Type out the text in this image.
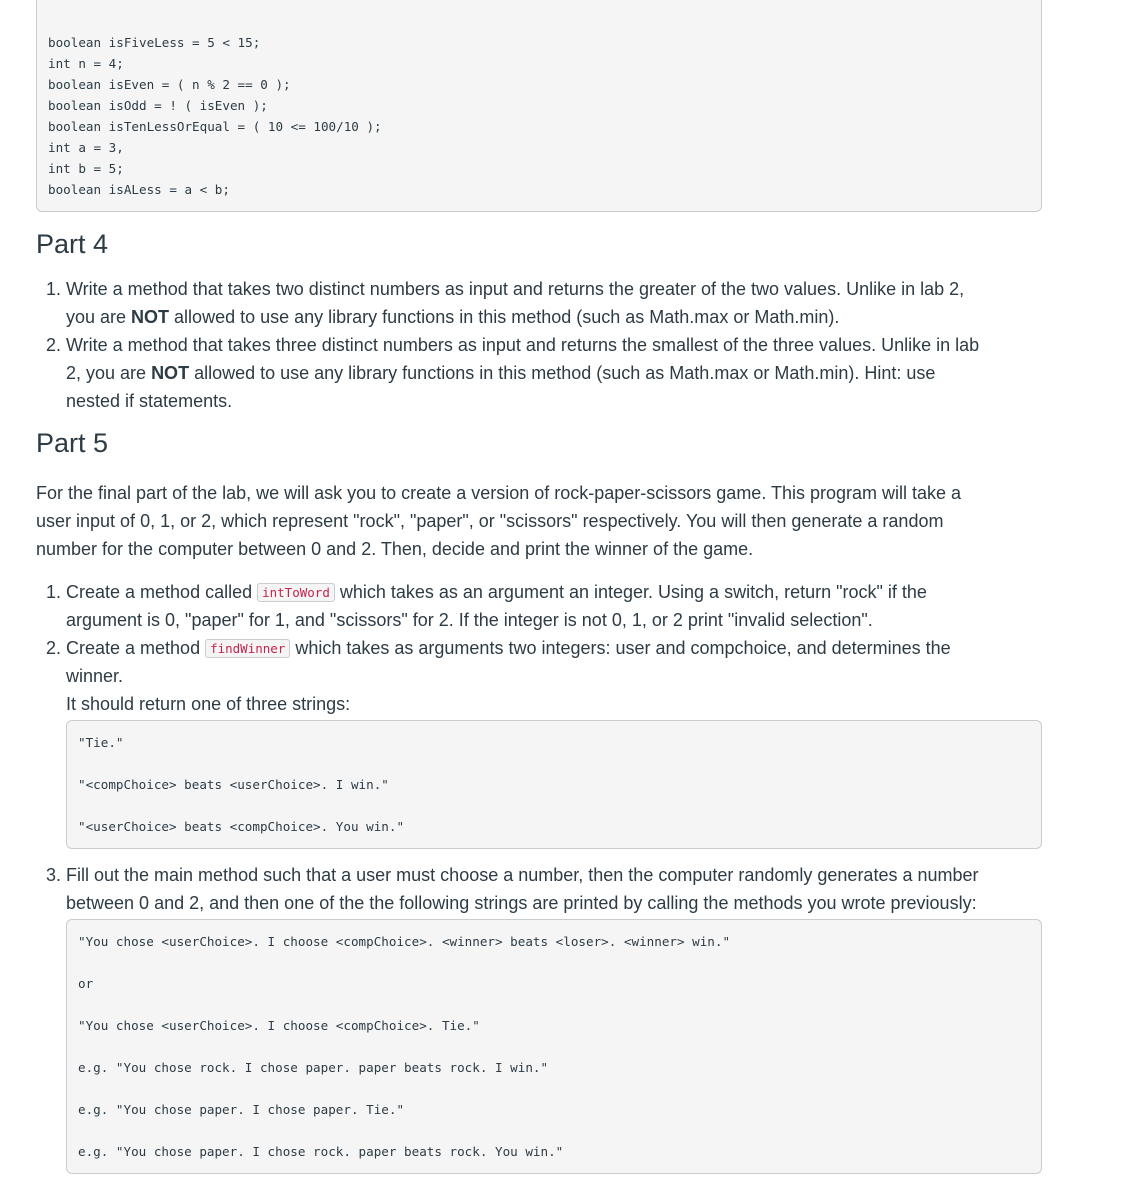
boolean isFiveLess = 5 < 15;

int n = 4;

boolean isEven = ( n % 2 == 0 );

boolean isOdd = ! ( isEven );

boolean isTenLessOrEqual = ( 10 <= 100/10 );

int a = 3,

int b = 5;

boolean isALess = a < b;

Part 4
1. Write a method that takes two distinct numbers as input and returns the greater of the two values. Unlike in lab 2,
you are NOT allowed to use any library functions in this method (such as Math.max or Math.min).
2. Write a method that takes three distinct numbers as input and returns the smallest of the three values. Unlike in lab
2, you are NOT allowed to use any library functions in this method (such as Math.max or Math.min). Hint: use
nested if statements.
Part 5
For the final part of the lab, we will ask you to create a version of rock-paper-scissors game. This program will take a
user input of 0, 1, or 2, which represent "rock", "paper", or "scissors" respectively. You will then generate a random
number for the computer between 0 and 2. Then, decide and print the winner of the game.
1. Create a method called intToWord which takes as an argument an integer. Using a switch, return "rock" if the
argument is 0, "paper" for 1, and "scissors" for 2. If the integer is not 0, 1, or 2 print "invalid selection".
2. Create a method findWinner which takes as arguments two integers: user and compchoice, and determines the
winner.
It should return one of three strings:

"Tie."

"<compChoice> beats <userChoice>. I win."

"<userChoice> beats <compChoice>. You win."

3. Fill out the main method such that a user must choose a number, then the computer randomly generates a number
between 0 and 2, and then one of the the following strings are printed by calling the methods you wrote previously:

"You chose <userChoice>. I choose <compChoice>. <winner> beats <loser>. <winner> win."

or

"You chose <userChoice>. I choose <compChoice>. Tie."

e.g. "You chose rock. I chose paper. paper beats rock. I win."

e.g. "You chose paper. I chose paper. Tie."

e.g. "You chose paper. I chose rock. paper beats rock. You win."
